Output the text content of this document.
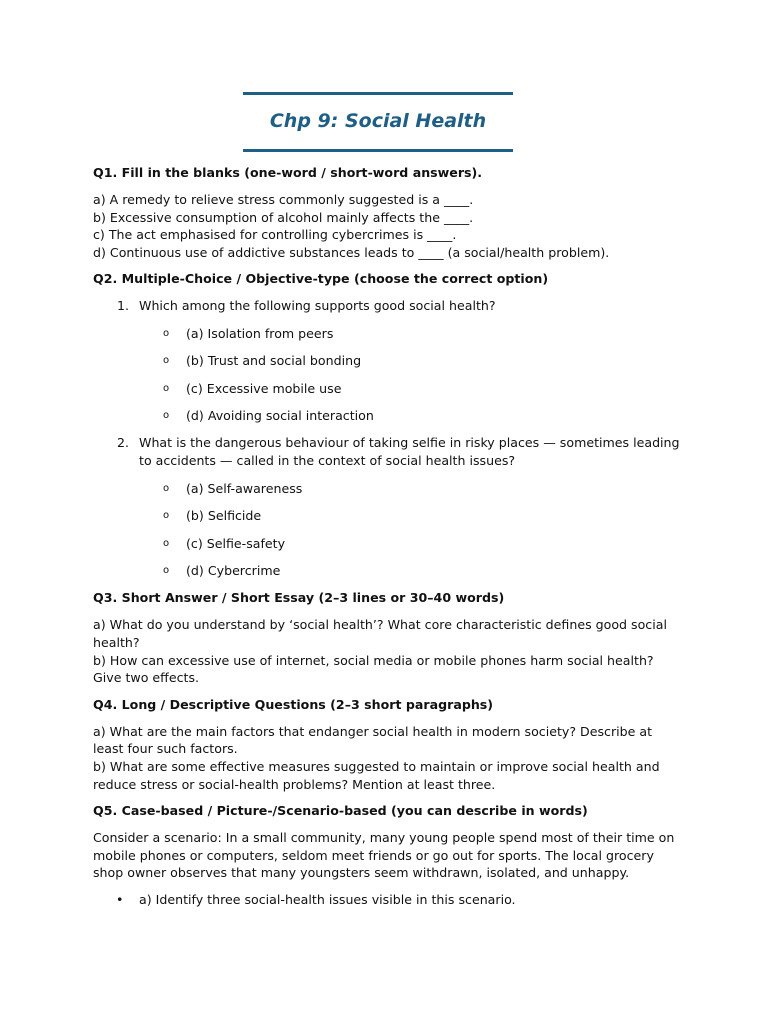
Chp 9: Social Health

Q1. Fill in the blanks (one-word / short-word answers).

a) A remedy to relieve stress commonly suggested is a ____.

b) Excessive consumption of alcohol mainly affects the ____.

c) The act emphasised for controlling cybercrimes is ____.

d) Continuous use of addictive substances leads to ____ (a social/health problem).

Q2. Multiple-Choice / Objective-type (choose the correct option)

1. Which among the following supports good social health?
o (a) Isolation from peers
o (b) Trust and social bonding
o (c) Excessive mobile use
o (d) Avoiding social interaction
2. What is the dangerous behaviour of taking selfie in risky places — sometimes leading to accidents — called in the context of social health issues?
o (a) Self-awareness
o (b) Selficide
o (c) Selfie-safety
o (d) Cybercrime

Q3. Short Answer / Short Essay (2–3 lines or 30–40 words)

a) What do you understand by ‘social health’? What core characteristic defines good social health?

b) How can excessive use of internet, social media or mobile phones harm social health? Give two effects.

Q4. Long / Descriptive Questions (2–3 short paragraphs)

a) What are the main factors that endanger social health in modern society? Describe at least four such factors.

b) What are some effective measures suggested to maintain or improve social health and reduce stress or social-health problems? Mention at least three.

Q5. Case-based / Picture-/Scenario-based (you can describe in words)

Consider a scenario: In a small community, many young people spend most of their time on mobile phones or computers, seldom meet friends or go out for sports. The local grocery shop owner observes that many youngsters seem withdrawn, isolated, and unhappy.

• a) Identify three social-health issues visible in this scenario.
